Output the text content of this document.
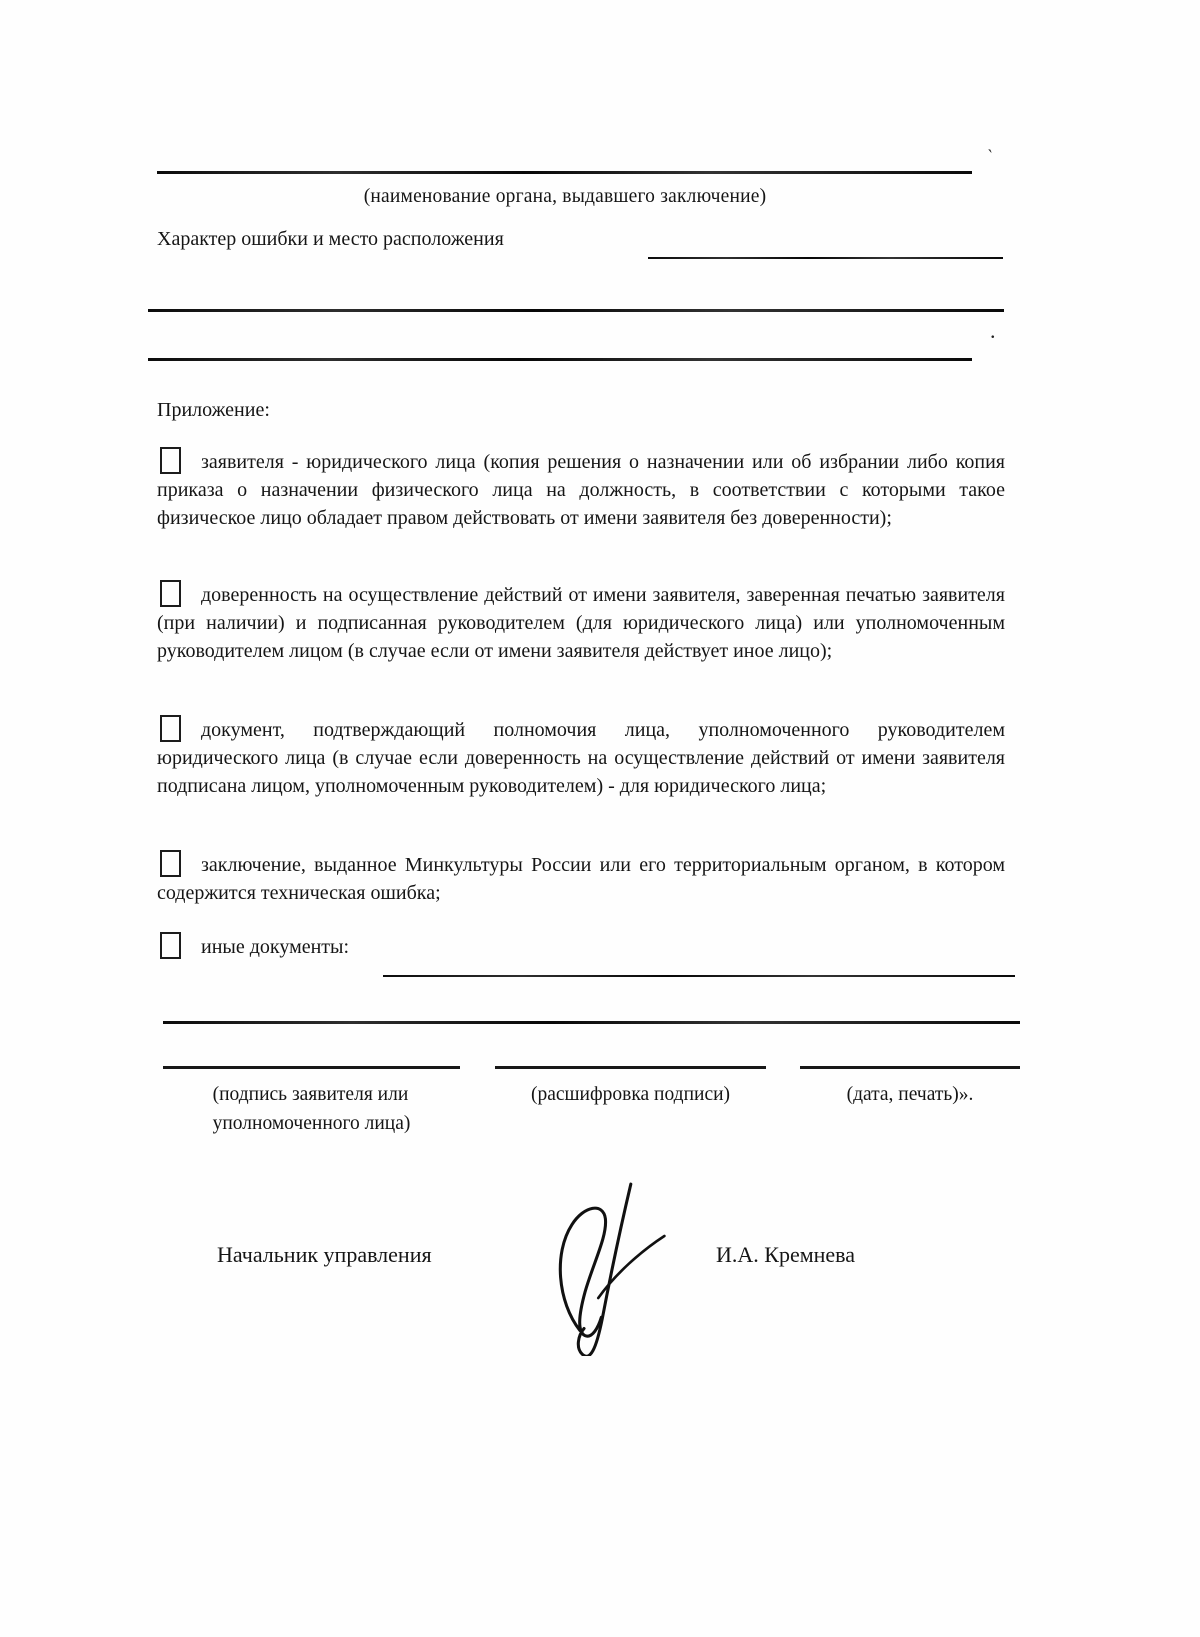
`
.
(наименование органа, выдавшего заключение)
Характер ошибки и место расположения
Приложение:
заявителя - юридического лица (копия решения о назначении или об избрании либо копия приказа о назначении физического лица на должность, в соответствии с которыми такое физическое лицо обладает правом действовать от имени заявителя без доверенности);
доверенность на осуществление действий от имени заявителя, заверенная печатью заявителя (при наличии) и подписанная руководителем (для юридического лица) или уполномоченным руководителем лицом (в случае если от имени заявителя действует иное лицо);
документ, подтверждающий полномочия лица, уполномоченного руководителем юридического лица (в случае если доверенность на осуществление действий от имени заявителя подписана лицом, уполномоченным руководителем) - для юридического лица;
заключение, выданное Минкультуры России или его территориальным органом, в котором содержится техническая ошибка;
иные документы:
(подпись заявителя или
уполномоченного лица)
(расшифровка подписи)	(дата, печать)».
Начальник управления	И.А. Кремнева
